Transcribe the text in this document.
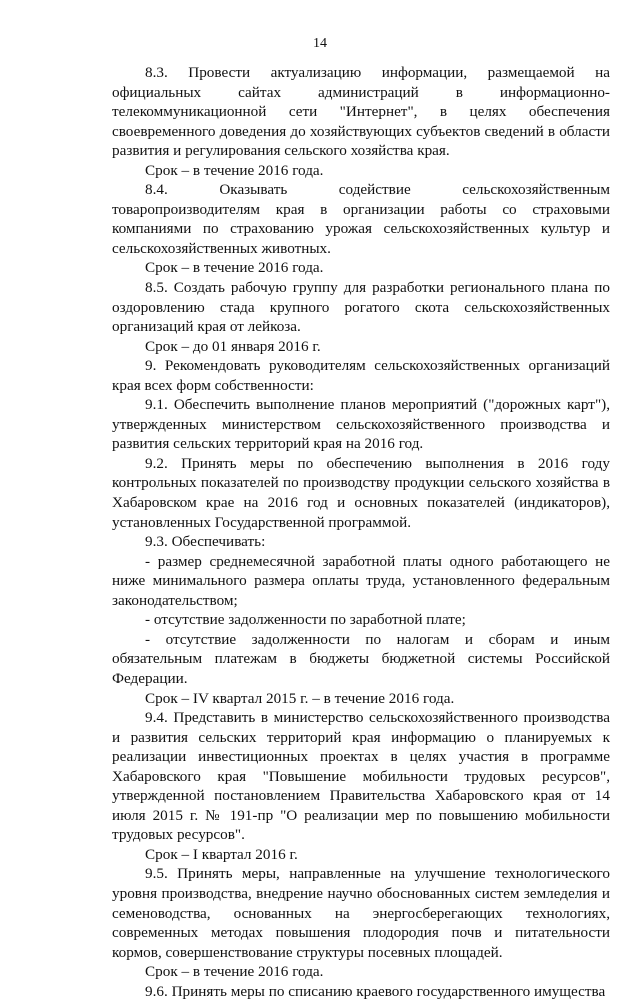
14

8.3. Провести актуализацию информации, размещаемой на официальных сайтах администраций в информационно-телекоммуникационной сети "Интернет", в целях обеспечения своевременного доведения до хозяйствующих субъектов сведений в области развития и регулирования сельского хозяйства края.

Срок – в течение 2016 года.

8.4. Оказывать содействие сельскохозяйственным товаропроизводителям края в организации работы со страховыми компаниями по страхованию урожая сельскохозяйственных культур и сельскохозяйственных животных.

Срок – в течение 2016 года.

8.5. Создать рабочую группу для разработки регионального плана по оздоровлению стада крупного рогатого скота сельскохозяйственных организаций края от лейкоза.

Срок – до 01 января 2016 г.

9. Рекомендовать руководителям сельскохозяйственных организаций края всех форм собственности:

9.1. Обеспечить выполнение планов мероприятий ("дорожных карт"), утвержденных министерством сельскохозяйственного производства и развития сельских территорий края на 2016 год.

9.2. Принять меры по обеспечению выполнения в 2016 году контрольных показателей по производству продукции сельского хозяйства в Хабаровском крае на 2016 год и основных показателей (индикаторов), установленных Государственной программой.

9.3. Обеспечивать:

- размер среднемесячной заработной платы одного работающего не ниже минимального размера оплаты труда, установленного федеральным законодательством;

- отсутствие задолженности по заработной плате;

- отсутствие задолженности по налогам и сборам и иным обязательным платежам в бюджеты бюджетной системы Российской Федерации.

Срок – IV квартал 2015 г. – в течение 2016 года.

9.4. Представить в министерство сельскохозяйственного производства и развития сельских территорий края информацию о планируемых к реализации инвестиционных проектах в целях участия в программе Хабаровского края "Повышение мобильности трудовых ресурсов", утвержденной постановлением Правительства Хабаровского края от 14 июля 2015 г. № 191-пр "О реализации мер по повышению мобильности трудовых ресурсов".

Срок – I квартал 2016 г.

9.5. Принять меры, направленные на улучшение технологического уровня производства, внедрение научно обоснованных систем земледелия и семеноводства, основанных на энергосберегающих технологиях, современных методах повышения плодородия почв и питательности кормов, совершенствование структуры посевных площадей.

Срок – в течение 2016 года.

9.6. Принять меры по списанию краевого государственного имущества
